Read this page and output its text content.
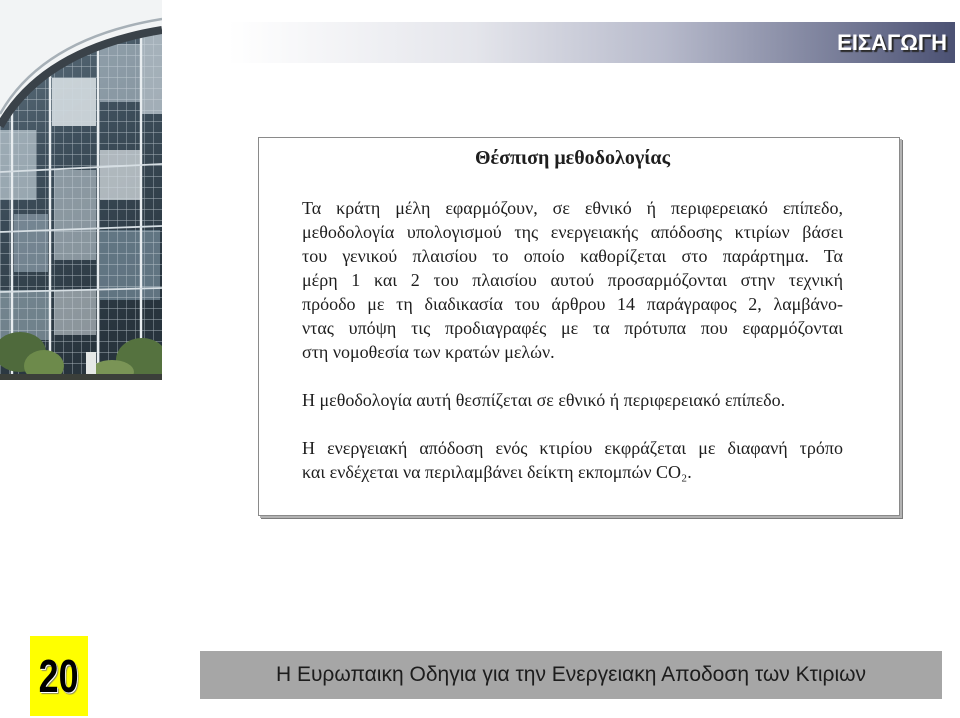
ΕΙΣΑΓΩΓΗ
Θέσπιση μεθοδολογίας
Τα κράτη μέλη εφαρμόζουν, σε εθνικό ή περιφερειακό επίπεδο,
μεθοδολογία υπολογισμού της ενεργειακής απόδοσης κτιρίων βάσει
του γενικού πλαισίου το οποίο καθορίζεται στο παράρτημα. Τα
μέρη 1 και 2 του πλαισίου αυτού προσαρμόζονται στην τεχνική
πρόοδο με τη διαδικασία του άρθρου 14 παράγραφος 2, λαμβάνο-
ντας υπόψη τις προδιαγραφές με τα πρότυπα που εφαρμόζονται
στη νομοθεσία των κρατών μελών.
Η μεθοδολογία αυτή θεσπίζεται σε εθνικό ή περιφερειακό επίπεδο.
Η ενεργειακή απόδοση ενός κτιρίου εκφράζεται με διαφανή τρόπο
και ενδέχεται να περιλαμβάνει δείκτη εκπομπών CO₂.
20	Η Ευρωπαικη Οδηγια για την Ενεργειακη Αποδοση των Κτιριων
